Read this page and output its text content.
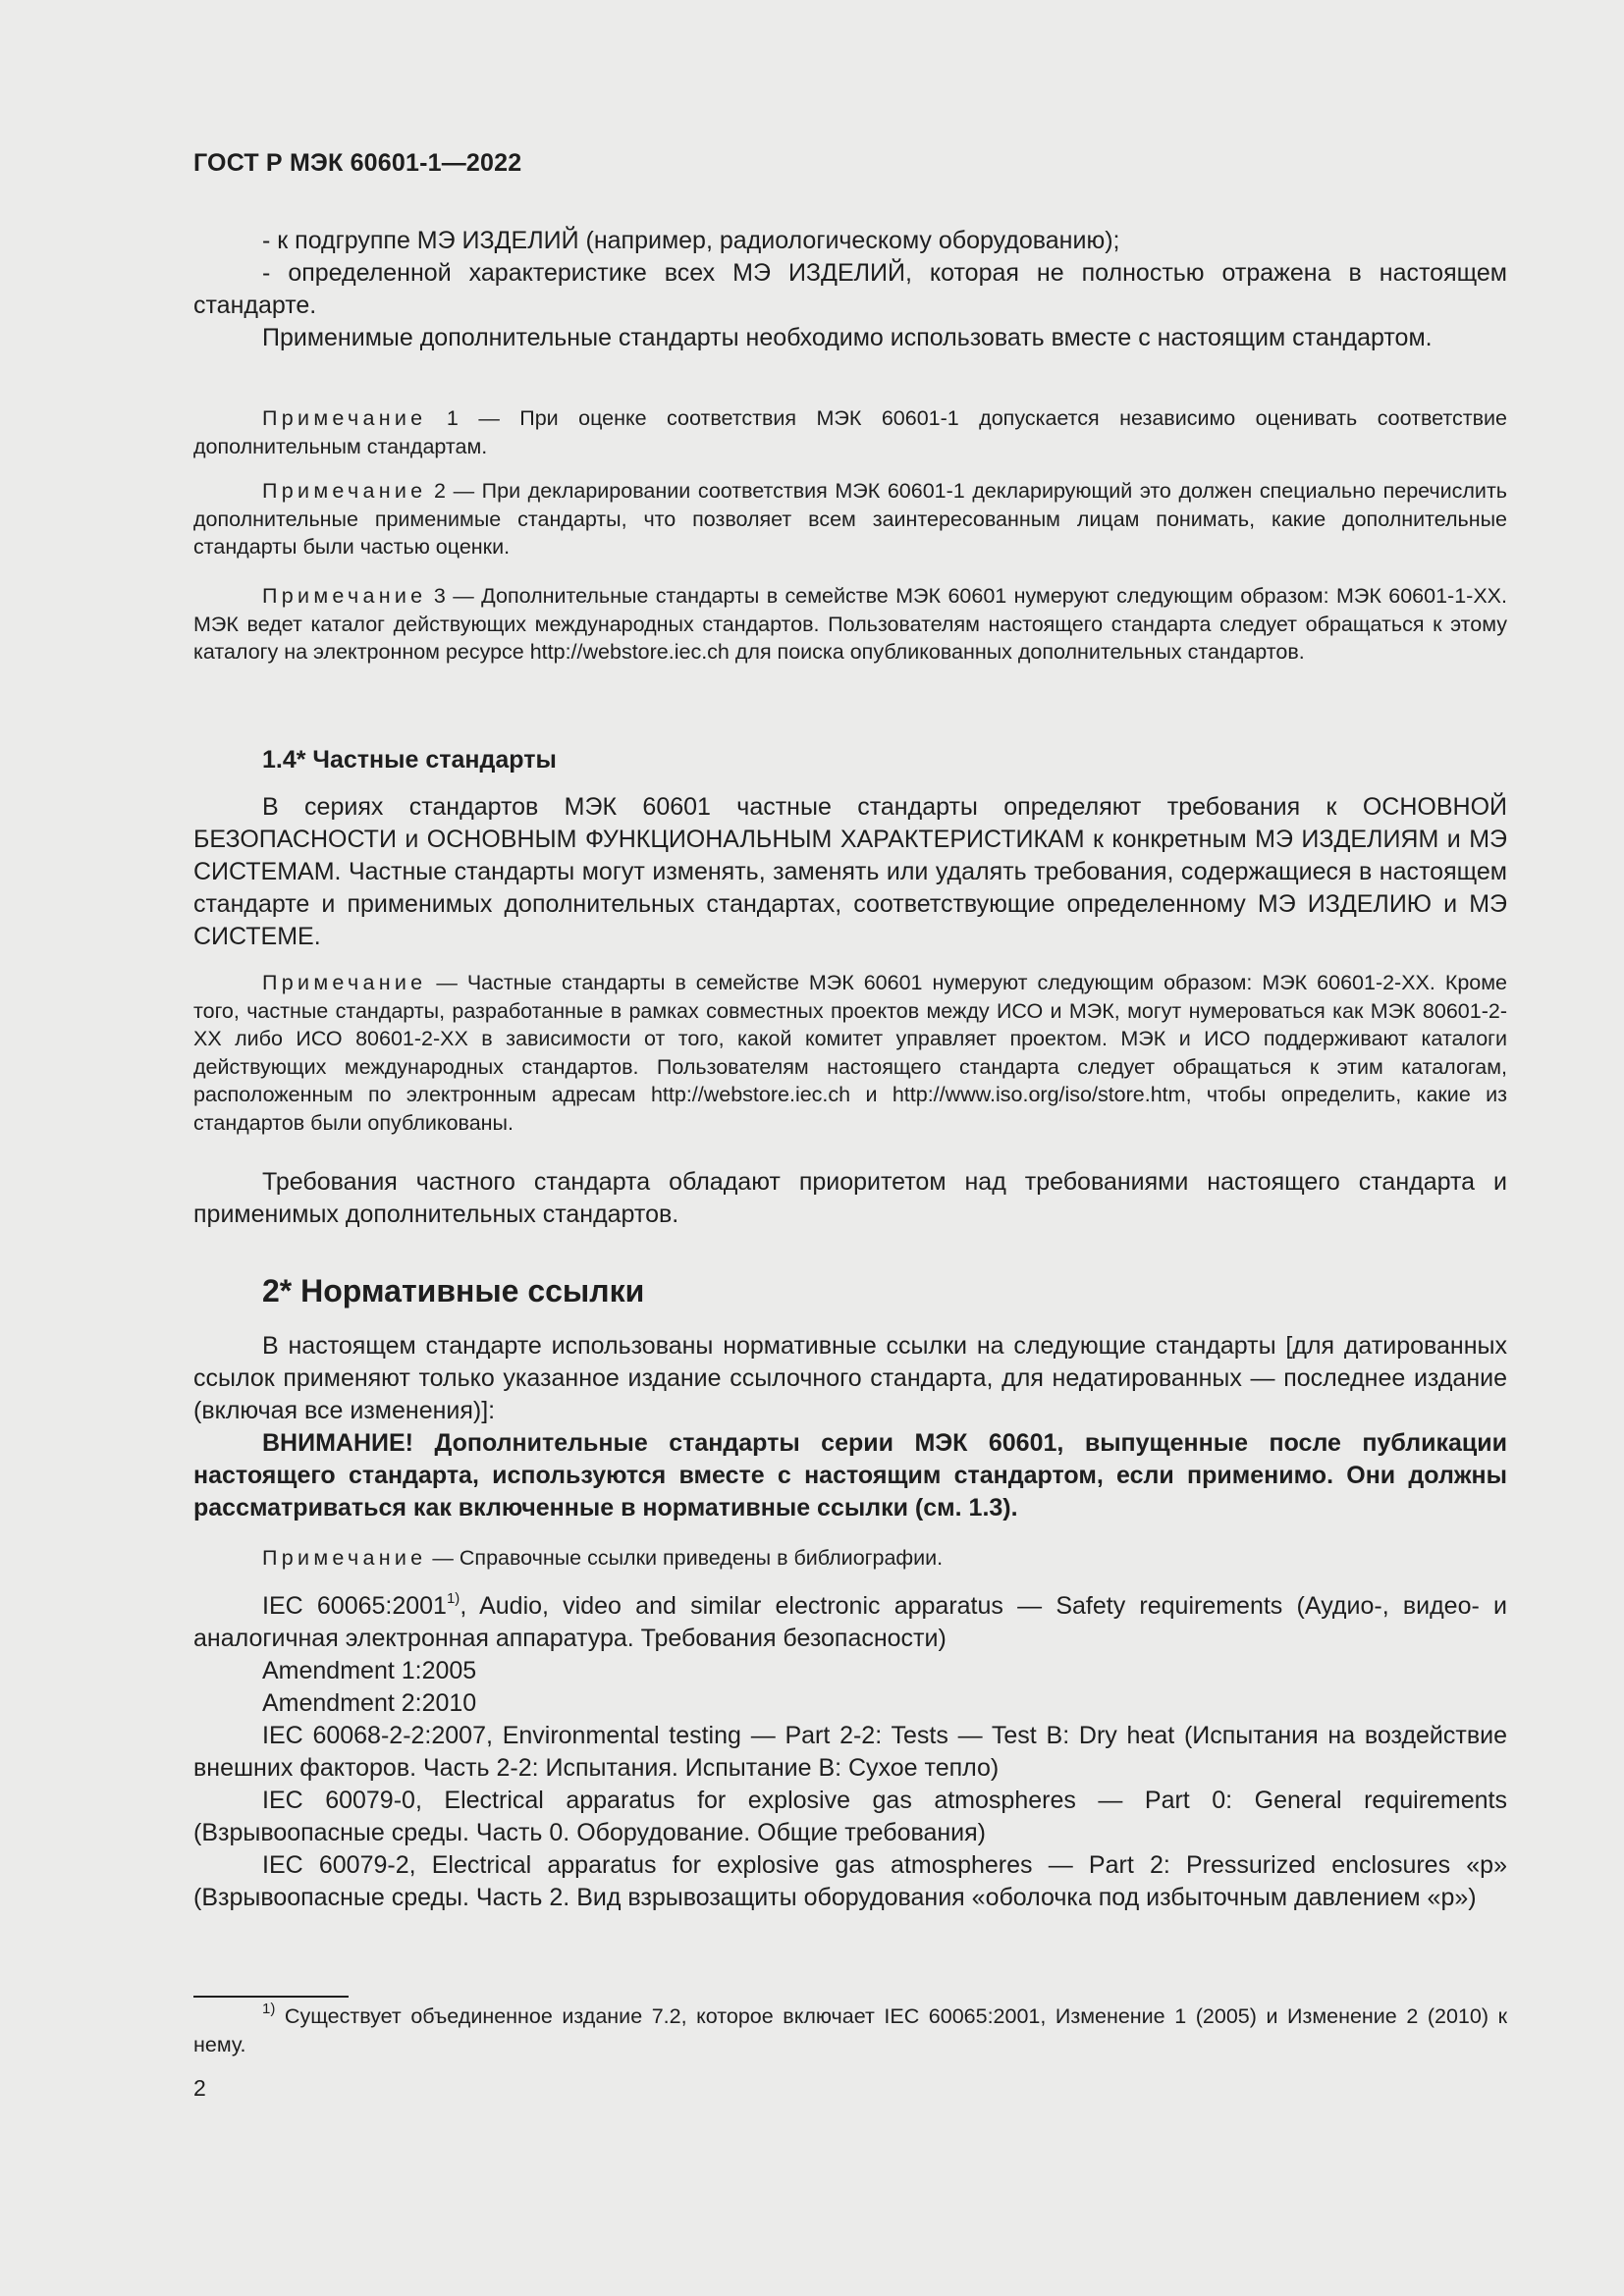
ГОСТ Р МЭК 60601-1—2022

- к подгруппе МЭ ИЗДЕЛИЙ (например, радиологическому оборудованию);

- определенной характеристике всех МЭ ИЗДЕЛИЙ, которая не полностью отражена в настоящем стандарте.

Применимые дополнительные стандарты необходимо использовать вместе с настоящим стандартом.

Примечание 1 — При оценке соответствия МЭК 60601-1 допускается независимо оценивать соответствие дополнительным стандартам.

Примечание 2 — При декларировании соответствия МЭК 60601-1 декларирующий это должен специально перечислить дополнительные применимые стандарты, что позволяет всем заинтересованным лицам понимать, какие дополнительные стандарты были частью оценки.

Примечание 3 — Дополнительные стандарты в семействе МЭК 60601 нумеруют следующим образом: МЭК 60601-1-ХХ. МЭК ведет каталог действующих международных стандартов. Пользователям настоящего стандарта следует обращаться к этому каталогу на электронном ресурсе http://webstore.iec.ch для поиска опубликованных дополнительных стандартов.

1.4* Частные стандарты

В сериях стандартов МЭК 60601 частные стандарты определяют требования к ОСНОВНОЙ БЕЗОПАСНОСТИ и ОСНОВНЫМ ФУНКЦИОНАЛЬНЫМ ХАРАКТЕРИСТИКАМ к конкретным МЭ ИЗДЕЛИЯМ и МЭ СИСТЕМАМ. Частные стандарты могут изменять, заменять или удалять требования, содержащиеся в настоящем стандарте и применимых дополнительных стандартах, соответствующие определенному МЭ ИЗДЕЛИЮ и МЭ СИСТЕМЕ.

Примечание — Частные стандарты в семействе МЭК 60601 нумеруют следующим образом: МЭК 60601-2-ХХ. Кроме того, частные стандарты, разработанные в рамках совместных проектов между ИСО и МЭК, могут нумероваться как МЭК 80601-2-ХХ либо ИСО 80601-2-ХХ в зависимости от того, какой комитет управляет проектом. МЭК и ИСО поддерживают каталоги действующих международных стандартов. Пользователям настоящего стандарта следует обращаться к этим каталогам, расположенным по электронным адресам http://webstore.iec.ch и http://www.iso.org/iso/store.htm, чтобы определить, какие из стандартов были опубликованы.

Требования частного стандарта обладают приоритетом над требованиями настоящего стандарта и применимых дополнительных стандартов.

2* Нормативные ссылки

В настоящем стандарте использованы нормативные ссылки на следующие стандарты [для датированных ссылок применяют только указанное издание ссылочного стандарта, для недатированных — последнее издание (включая все изменения)]:

ВНИМАНИЕ! Дополнительные стандарты серии МЭК 60601, выпущенные после публикации настоящего стандарта, используются вместе с настоящим стандартом, если применимо. Они должны рассматриваться как включенные в нормативные ссылки (см. 1.3).

Примечание — Справочные ссылки приведены в библиографии.

IEC 60065:2001$^{1)}$, Audio, video and similar electronic apparatus — Safety requirements (Аудио-, видео- и аналогичная электронная аппаратура. Требования безопасности)

Amendment 1:2005

Amendment 2:2010

IEC 60068-2-2:2007, Environmental testing — Part 2-2: Tests — Test B: Dry heat (Испытания на воздействие внешних факторов. Часть 2-2: Испытания. Испытание В: Сухое тепло)

IEC 60079-0, Electrical apparatus for explosive gas atmospheres — Part 0: General requirements (Взрывоопасные среды. Часть 0. Оборудование. Общие требования)

IEC 60079-2, Electrical apparatus for explosive gas atmospheres — Part 2: Pressurized enclosures «p» (Взрывоопасные среды. Часть 2. Вид взрывозащиты оборудования «оболочка под избыточным давлением «p»)

$^{1)}$ Существует объединенное издание 7.2, которое включает IEC 60065:2001, Изменение 1 (2005) и Изменение 2 (2010) к нему.

2
